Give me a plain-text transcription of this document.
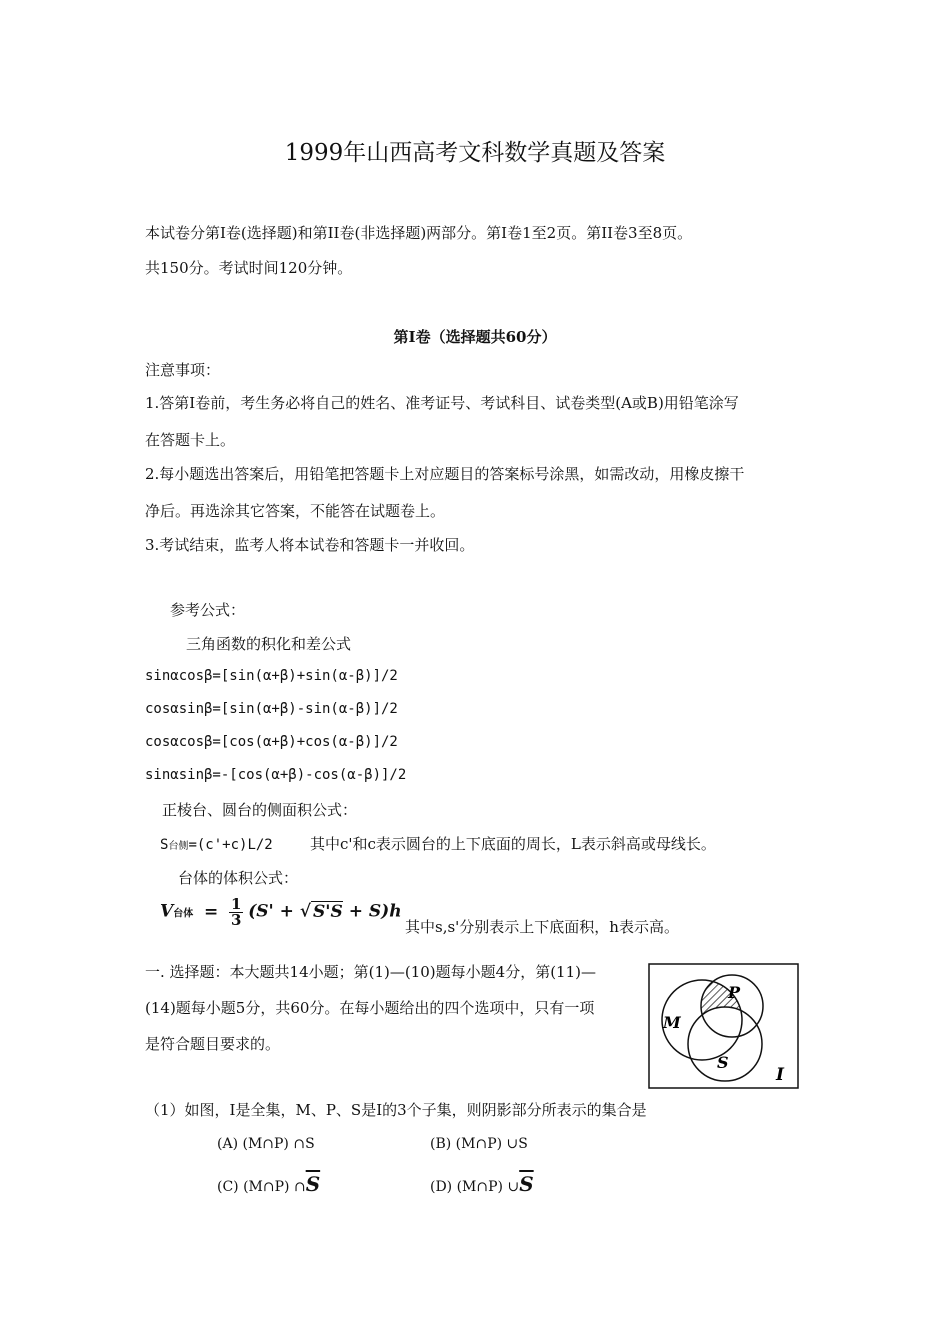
1999年山西高考文科数学真题及答案
本试卷分第Ⅰ卷(选择题)和第II卷(非选择题)两部分。第Ⅰ卷1至2页。第II卷3至8页。
共150分。考试时间120分钟。
第Ⅰ卷（选择题共60分）
注意事项：
1.答第Ⅰ卷前，考生务必将自己的姓名、准考证号、考试科目、试卷类型(A或B)用铅笔涂写
在答题卡上。
2.每小题选出答案后，用铅笔把答题卡上对应题目的答案标号涂黑，如需改动，用橡皮擦干
净后。再选涂其它答案，不能答在试题卷上。
3.考试结束，监考人将本试卷和答题卡一并收回。
参考公式：
三角函数的积化和差公式
sinαcosβ=[sin(α+β)+sin(α-β)]/2
cosαsinβ=[sin(α+β)-sin(α-β)]/2
cosαcosβ=[cos(α+β)+cos(α-β)]/2
sinαsinβ=-[cos(α+β)-cos(α-β)]/2
正棱台、圆台的侧面积公式：
S台侧=(c'+c)L/2 其中c'和c表示圆台的上下底面的周长，L表示斜高或母线长。
台体的体积公式：
V台体 = $\frac{1}{3} (S'$ + √ S'S + S)h
其中s,s'分别表示上下底面积，h表示高。
一. 选择题：本大题共14小题；第(1)—(10)题每小题4分，第(11)—
(14)题每小题5分，共60分。在每小题给出的四个选项中，只有一项
是符合题目要求的。
M
P
S
I
（1）如图，I是全集，M、P、S是I的3个子集，则阴影部分所表示的集合是
(A) (M∩P) ∩S	(B) (M∩P) ∪S
(C) (M∩P) $\cap\overline{S}$	(D) (M∩P) $\cup\overline{S}$
